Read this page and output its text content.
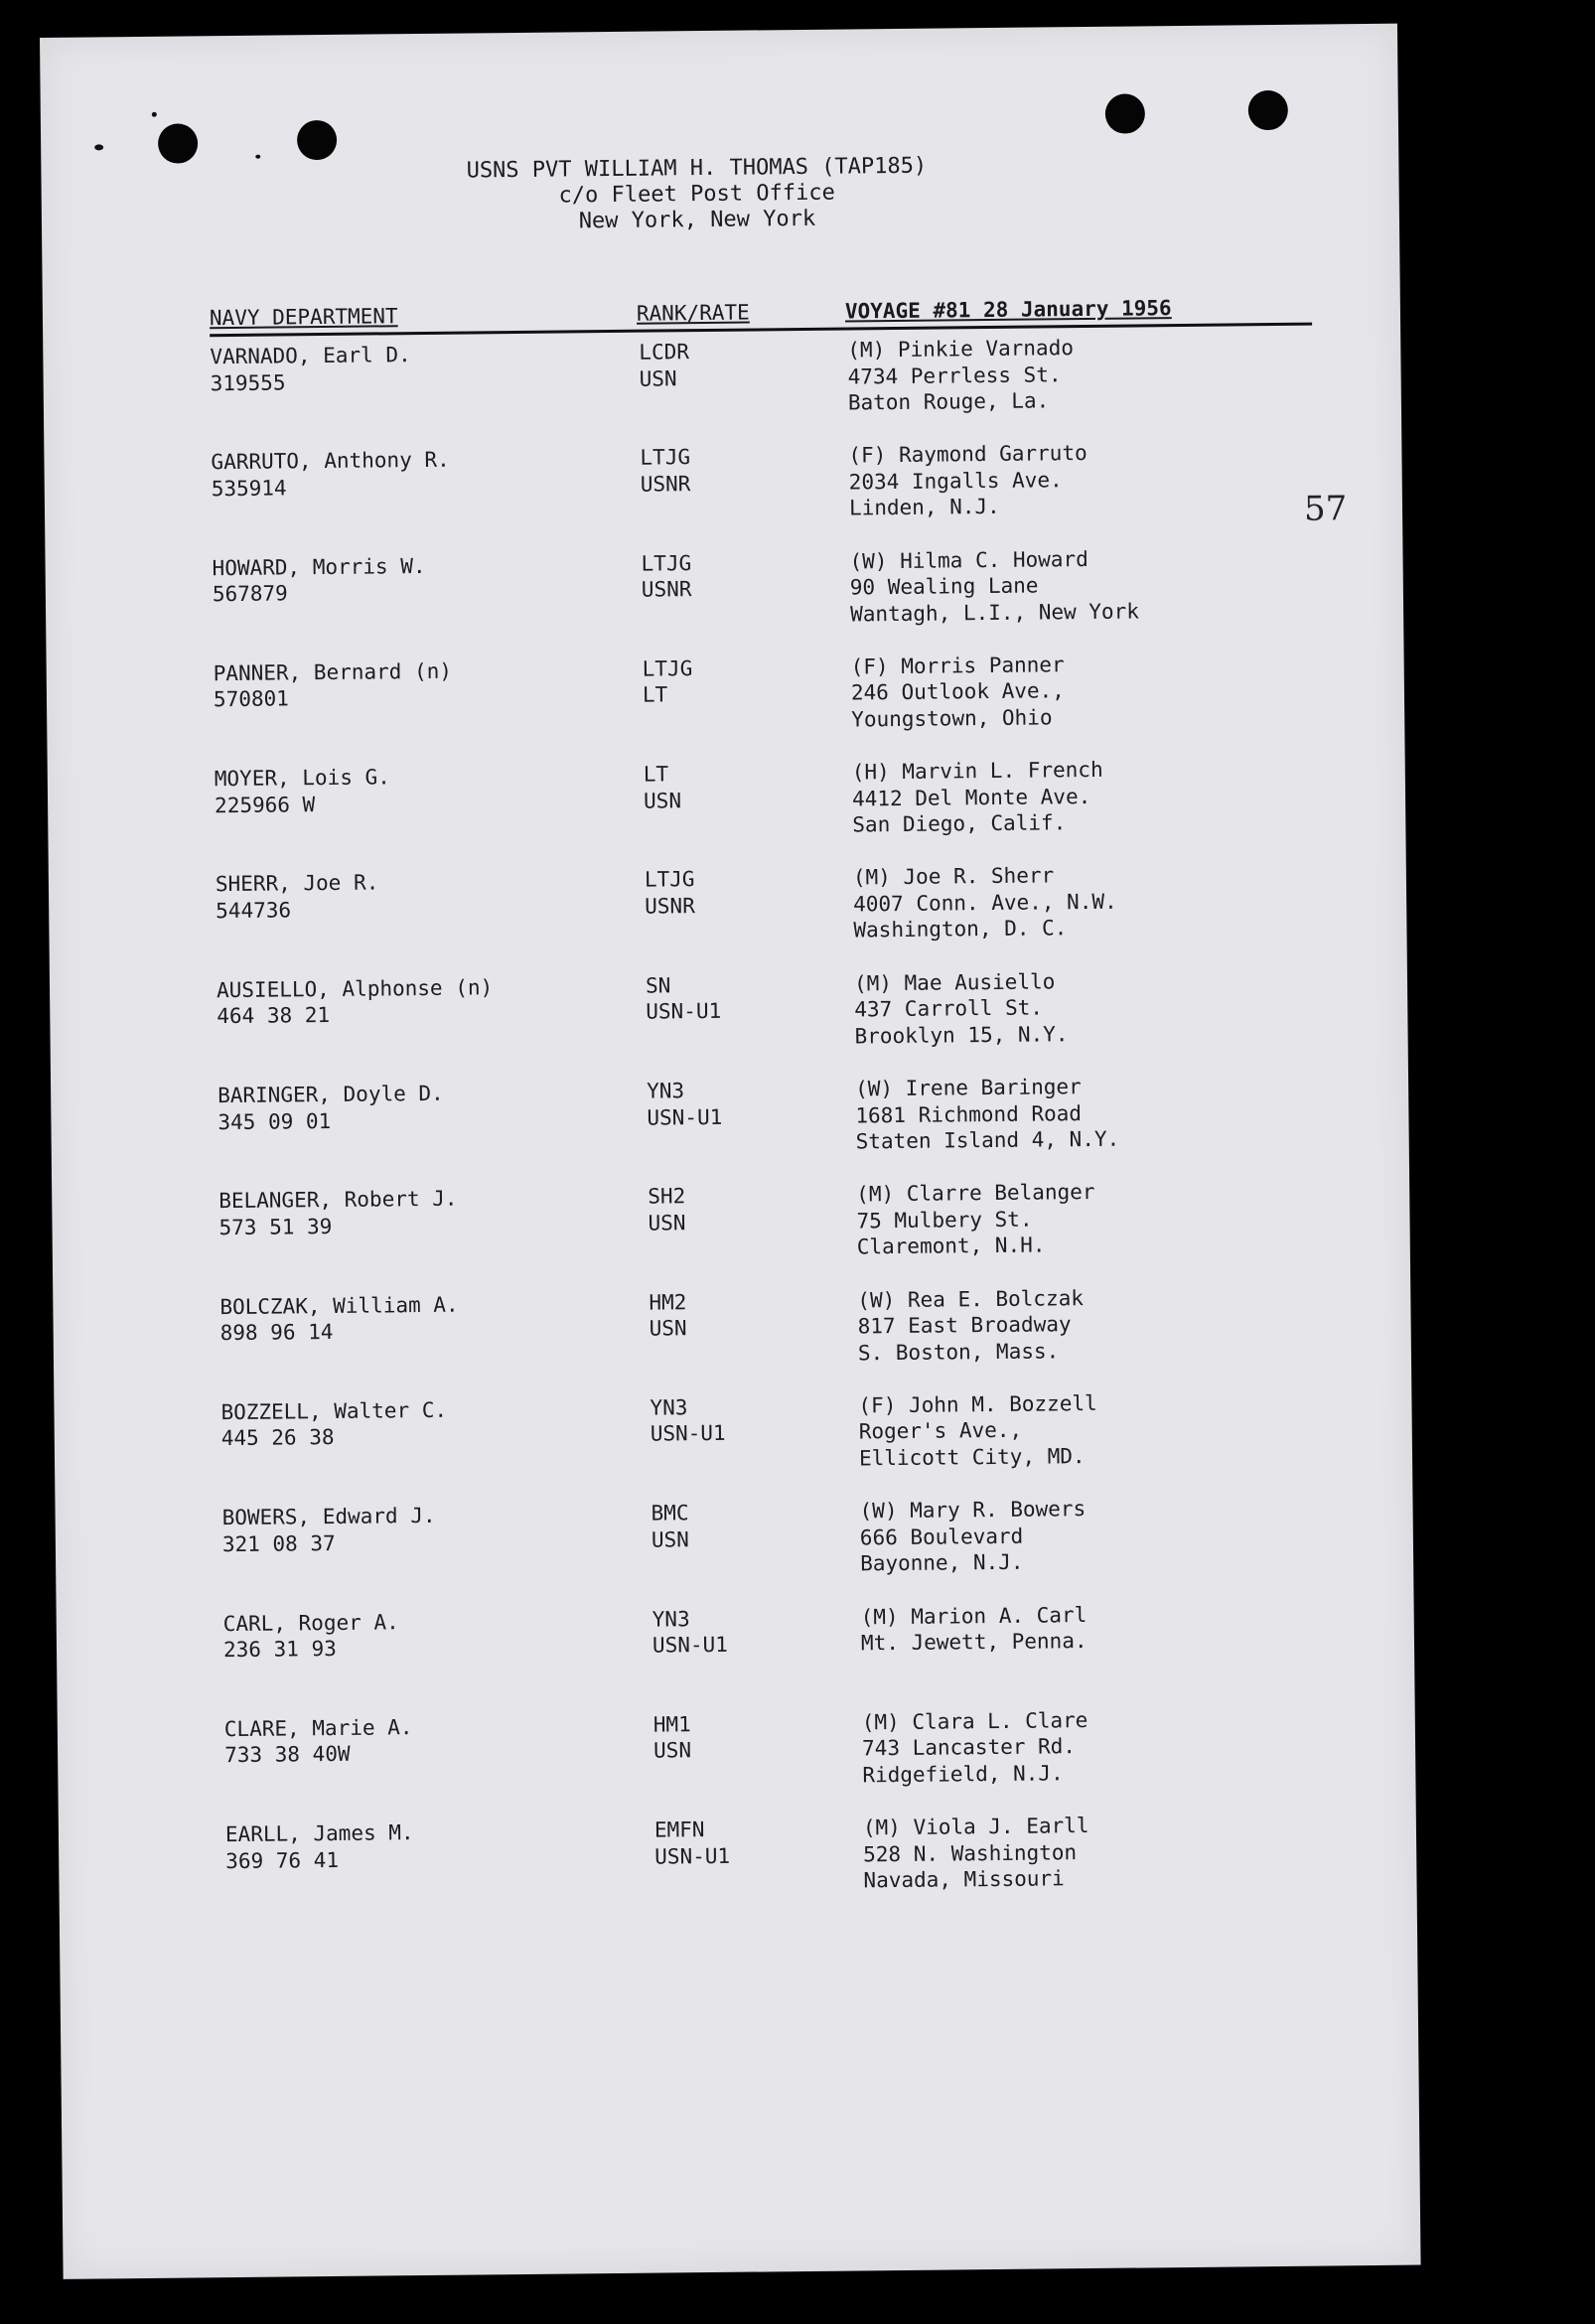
USNS PVT WILLIAM H. THOMAS (TAP185)
c/o Fleet Post Office
New York, New York
57
NAVY DEPARTMENT	RANK/RATE	VOYAGE #81 28 January 1956
VARNADO, Earl D.
319555
LCDR
USN
(M) Pinkie Varnado
4734 Perrless St.
Baton Rouge, La.
GARRUTO, Anthony R.
535914
LTJG
USNR
(F) Raymond Garruto
2034 Ingalls Ave.
Linden, N.J.
HOWARD, Morris W.
567879
LTJG
USNR
(W) Hilma C. Howard
90 Wealing Lane
Wantagh, L.I., New York
PANNER, Bernard (n)
570801
LTJG
LT
(F) Morris Panner
246 Outlook Ave.,
Youngstown, Ohio
MOYER, Lois G.
225966 W
LT
USN
(H) Marvin L. French
4412 Del Monte Ave.
San Diego, Calif.
SHERR, Joe R.
544736
LTJG
USNR
(M) Joe R. Sherr
4007 Conn. Ave., N.W.
Washington, D. C.
AUSIELLO, Alphonse (n)
464 38 21
SN
USN-U1
(M) Mae Ausiello
437 Carroll St.
Brooklyn 15, N.Y.
BARINGER, Doyle D.
345 09 01
YN3
USN-U1
(W) Irene Baringer
1681 Richmond Road
Staten Island 4, N.Y.
BELANGER, Robert J.
573 51 39
SH2
USN
(M) Clarre Belanger
75 Mulbery St.
Claremont, N.H.
BOLCZAK, William A.
898 96 14
HM2
USN
(W) Rea E. Bolczak
817 East Broadway
S. Boston, Mass.
BOZZELL, Walter C.
445 26 38
YN3
USN-U1
(F) John M. Bozzell
Roger's Ave.,
Ellicott City, MD.
BOWERS, Edward J.
321 08 37
BMC
USN
(W) Mary R. Bowers
666 Boulevard
Bayonne, N.J.
CARL, Roger A.
236 31 93
YN3
USN-U1
(M) Marion A. Carl
Mt. Jewett, Penna.
CLARE, Marie A.
733 38 40W
HM1
USN
(M) Clara L. Clare
743 Lancaster Rd.
Ridgefield, N.J.
EARLL, James M.
369 76 41
EMFN
USN-U1
(M) Viola J. Earll
528 N. Washington
Navada, Missouri
